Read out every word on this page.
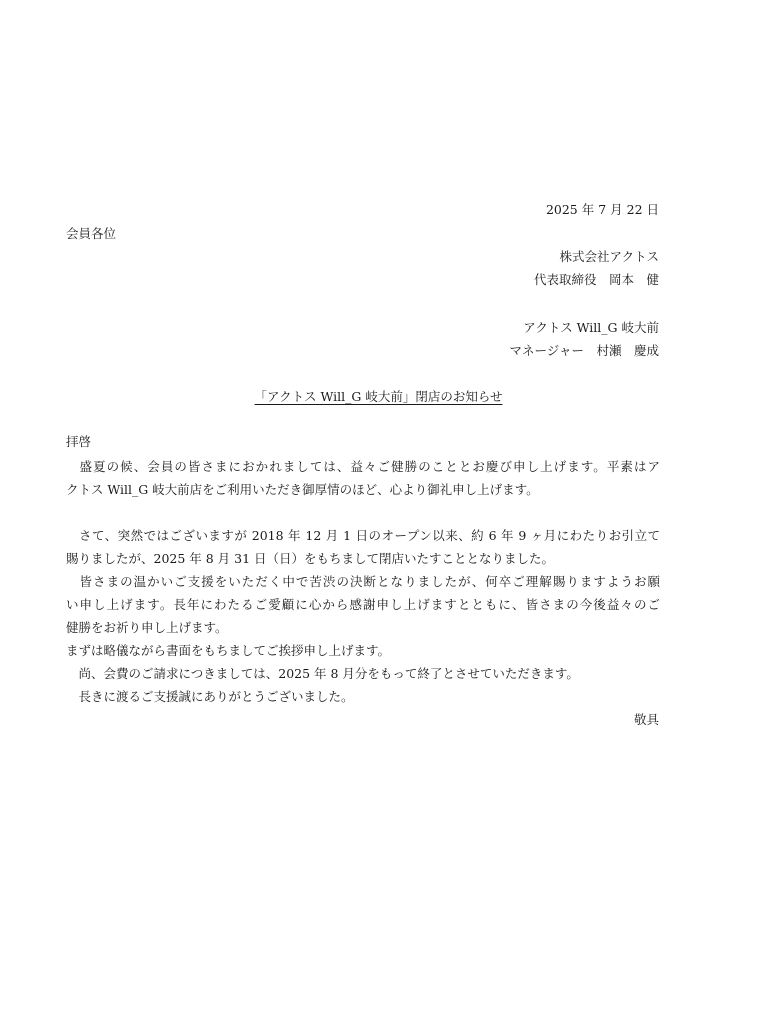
2025 年 7 月 22 日
会員各位
株式会社アクトス
代表取締役　岡本　健
アクトス Will_G 岐大前
マネージャー　村瀬　慶成
「アクトス Will_G 岐大前」閉店のお知らせ
拝啓
　盛夏の候、会員の皆さまにおかれましては、益々ご健勝のこととお慶び申し上げます。平素はア
クトス Will_G 岐大前店をご利用いただき御厚情のほど、心より御礼申し上げます。
　さて、突然ではございますが 2018 年 12 月 1 日のオープン以来、約 6 年 9 ヶ月にわたりお引立て
賜りましたが、2025 年 8 月 31 日（日）をもちまして閉店いたすこととなりました。
　皆さまの温かいご支援をいただく中で苦渋の決断となりましたが、何卒ご理解賜りますようお願
い申し上げます。長年にわたるご愛顧に心から感謝申し上げますとともに、皆さまの今後益々のご
健勝をお祈り申し上げます。
まずは略儀ながら書面をもちましてご挨拶申し上げます。
　尚、会費のご請求につきましては、2025 年 8 月分をもって終了とさせていただきます。
　長きに渡るご支援誠にありがとうございました。
敬具
